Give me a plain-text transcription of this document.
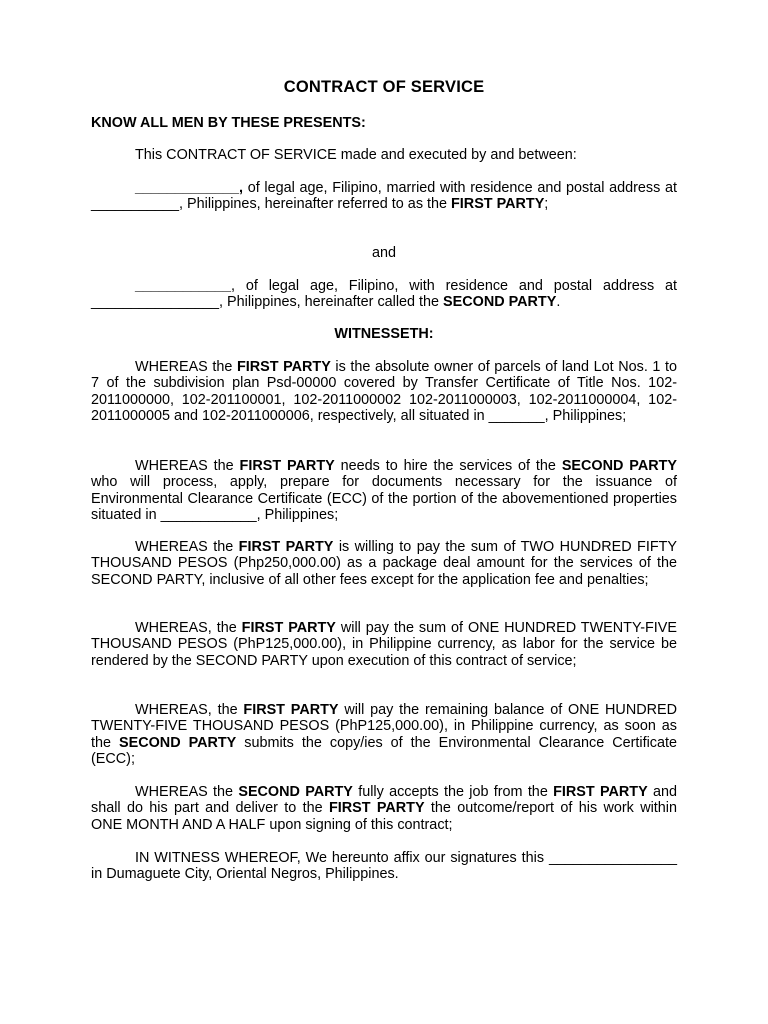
CONTRACT OF SERVICE
KNOW ALL MEN BY THESE PRESENTS:
This CONTRACT OF SERVICE made and executed by and between:
_____________, of legal age, Filipino, married with residence and postal address at ___________, Philippines, hereinafter referred to as the FIRST PARTY;
and
____________, of legal age, Filipino, with residence and postal address at ________________, Philippines, hereinafter called the SECOND PARTY.
WITNESSETH:
WHEREAS the FIRST PARTY is the absolute owner of parcels of land Lot Nos. 1 to 7 of the subdivision plan Psd-00000 covered by Transfer Certificate of Title Nos. 102-2011000000, 102-201100001, 102-2011000002 102-2011000003, 102-2011000004, 102-2011000005 and 102-2011000006, respectively, all situated in _______, Philippines;
WHEREAS the FIRST PARTY needs to hire the services of the SECOND PARTY who will process, apply, prepare for documents necessary for the issuance of Environmental Clearance Certificate (ECC) of the portion of the abovementioned properties situated in ____________, Philippines;
WHEREAS the FIRST PARTY is willing to pay the sum of TWO HUNDRED FIFTY THOUSAND PESOS (Php250,000.00) as a package deal amount for the services of the SECOND PARTY, inclusive of all other fees except for the application fee and penalties;
WHEREAS, the FIRST PARTY will pay the sum of ONE HUNDRED TWENTY-FIVE THOUSAND PESOS (PhP125,000.00), in Philippine currency, as labor for the service be rendered by the SECOND PARTY upon execution of this contract of service;
WHEREAS, the FIRST PARTY will pay the remaining balance of ONE HUNDRED TWENTY-FIVE THOUSAND PESOS (PhP125,000.00), in Philippine currency, as soon as the SECOND PARTY submits the copy/ies of the Environmental Clearance Certificate (ECC);
WHEREAS the SECOND PARTY fully accepts the job from the FIRST PARTY and shall do his part and deliver to the FIRST PARTY the outcome/report of his work within ONE MONTH AND A HALF upon signing of this contract;
IN WITNESS WHEREOF, We hereunto affix our signatures this ________________ in Dumaguete City, Oriental Negros, Philippines.
